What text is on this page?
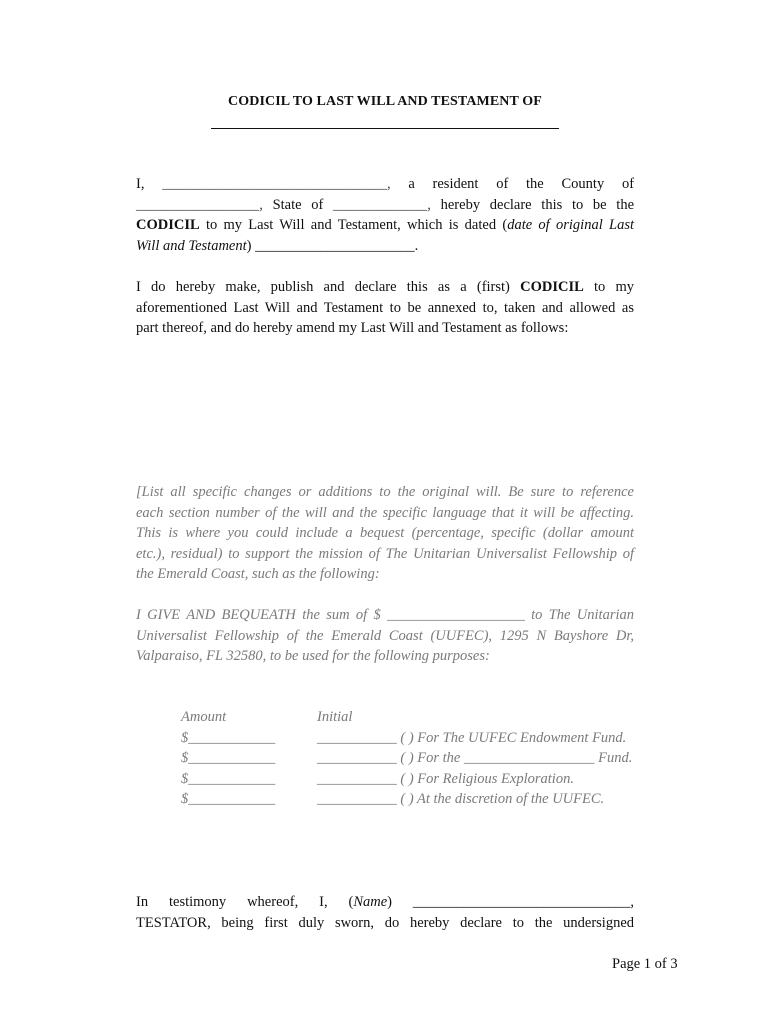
CODICIL TO LAST WILL AND TESTAMENT OF
I, _______________________________, a resident of the County of
_________________, State of _____________, hereby declare this to be the
CODICIL to my Last Will and Testament, which is dated (date of original Last
Will and Testament) ______________________.
I do hereby make, publish and declare this as a (first) CODICIL to my
aforementioned Last Will and Testament to be annexed to, taken and allowed as
part thereof, and do hereby amend my Last Will and Testament as follows:
[List all specific changes or additions to the original will. Be sure to reference
each section number of the will and the specific language that it will be affecting.
This is where you could include a bequest (percentage, specific (dollar amount
etc.), residual) to support the mission of The Unitarian Universalist Fellowship of
the Emerald Coast, such as the following:
I GIVE AND BEQUEATH the sum of $ ___________________ to The Unitarian
Universalist Fellowship of the Emerald Coast (UUFEC), 1295 N Bayshore Dr,
Valparaiso, FL 32580, to be used for the following purposes:
Amount	Initial
$____________	___________ ( ) For The UUFEC Endowment Fund.
$____________	___________ ( ) For the __________________ Fund.
$____________	___________ ( ) For Religious Exploration.
$____________	___________ ( ) At the discretion of the UUFEC.
In testimony whereof, I, (Name) ______________________________,
TESTATOR, being first duly sworn, do hereby declare to the undersigned
Page 1 of 3
